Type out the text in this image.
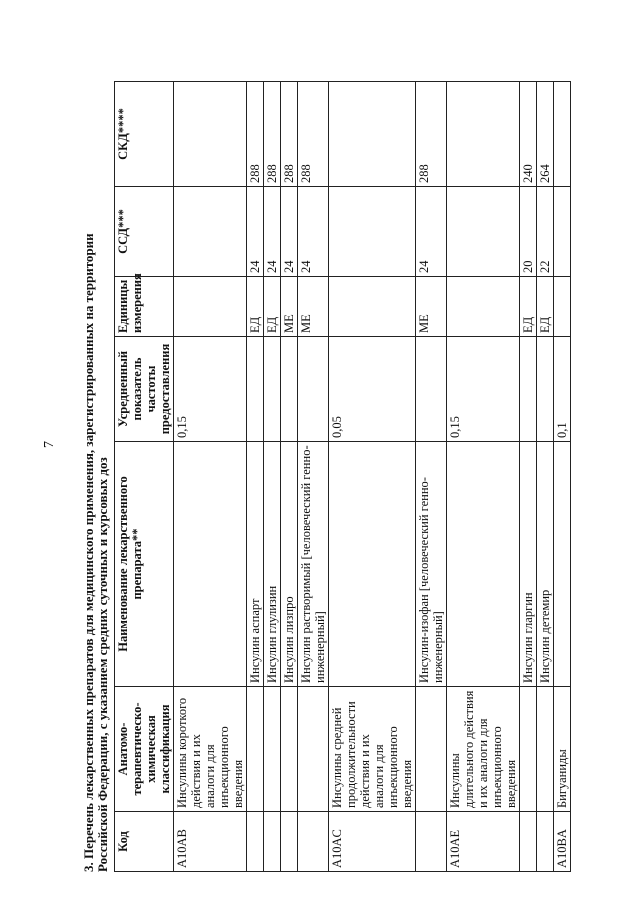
7 3. Перечень лекарственных препаратов для медицинского применения, зарегистрированных на территории Российской Федерации, с указанием средних суточных и курсовых доз Код	Анатомо-терапевтическо-химическая классификация	Наименование лекарственного препарата**	Усредненный показатель частоты предоставления	Единицы измерения	ССД***	СКД****
A10AB	Инсулины короткого действия и их аналоги для инъекционного введения		0,15			
		Инсулин аспарт		ЕД	24	288
		Инсулин глулизин		ЕД	24	288
		Инсулин лизпро		МЕ	24	288
		Инсулин растворимый [человеческий генно-инженерный]		МЕ	24	288
A10AC	Инсулины средней продолжительности действия и их аналоги для инъекционного введения		0,05			
		Инсулин-изофан [человеческий генно-инженерный]		МЕ	24	288
A10AE	Инсулины длительного действия и их аналоги для инъекционного введения		0,15			
		Инсулин гларгин		ЕД	20	240
		Инсулин детемир		ЕД	22	264
A10BA	Бигуаниды		0,1			
